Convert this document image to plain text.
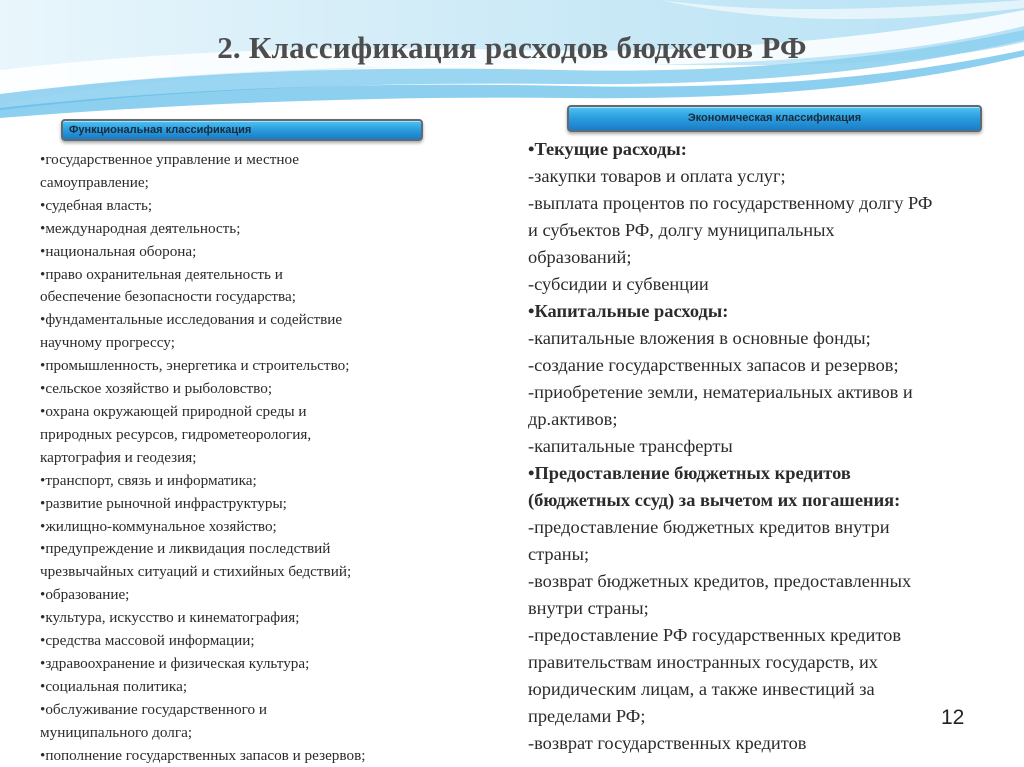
2. Классификация расходов бюджетов РФ
Функциональная классификация
Экономическая классификация
•государственное управление и местное
самоуправление;
•судебная власть;
•международная деятельность;
•национальная оборона;
•право охранительная деятельность и
обеспечение безопасности государства;
•фундаментальные исследования и содействие
научному прогрессу;
•промышленность, энергетика и строительство;
•сельское хозяйство и рыболовство;
•охрана окружающей природной среды и
природных ресурсов, гидрометеорология,
картография и геодезия;
•транспорт, связь и информатика;
•развитие рыночной инфраструктуры;
•жилищно-коммунальное хозяйство;
•предупреждение и ликвидация последствий
чрезвычайных ситуаций и стихийных бедствий;
•образование;
•культура, искусство и кинематография;
•средства массовой информации;
•здравоохранение и физическая культура;
•социальная политика;
•обслуживание государственного и
муниципального долга;
•пополнение государственных запасов и резервов;
•Текущие расходы:
-закупки товаров и оплата услуг;
-выплата процентов по государственному долгу РФ
и субъектов РФ, долгу муниципальных
образований;
-субсидии и субвенции
•Капитальные расходы:
-капитальные вложения в основные фонды;
-создание государственных запасов и резервов;
-приобретение земли, нематериальных активов и
др.активов;
-капитальные трансферты
•Предоставление бюджетных кредитов
(бюджетных ссуд) за вычетом их погашения:
-предоставление бюджетных кредитов внутри
страны;
-возврат бюджетных кредитов, предоставленных
внутри страны;
-предоставление РФ государственных кредитов
правительствам иностранных государств, их
юридическим лицам, а также инвестиций за
пределами РФ;
-возврат государственных кредитов
12
